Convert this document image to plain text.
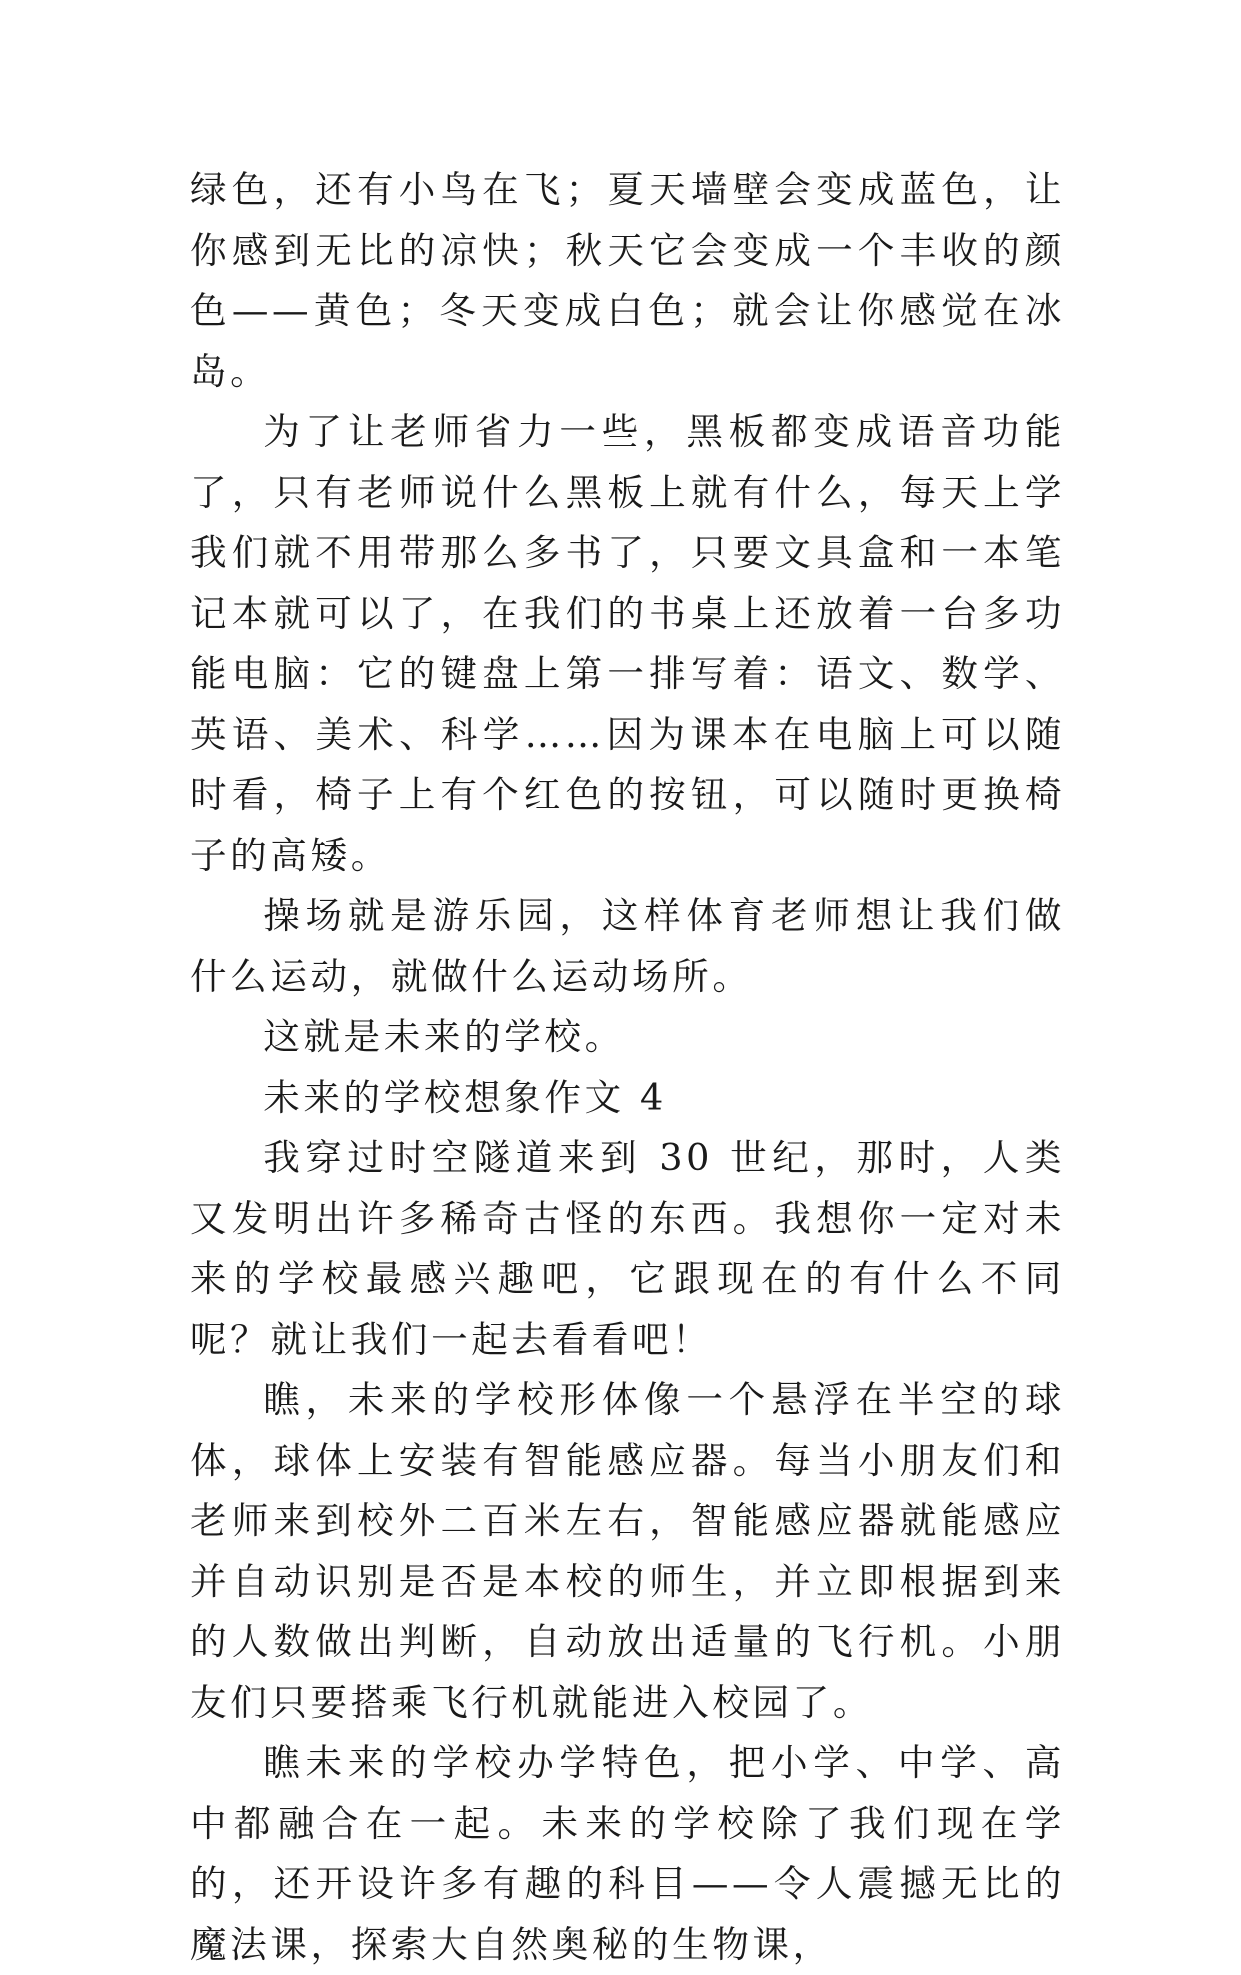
绿色，还有小鸟在飞；夏天墙壁会变成蓝色，让你感到无比的凉快；秋天它会变成一个丰收的颜色——黄色；冬天变成白色；就会让你感觉在冰岛。

为了让老师省力一些，黑板都变成语音功能了，只有老师说什么黑板上就有什么，每天上学我们就不用带那么多书了，只要文具盒和一本笔记本就可以了，在我们的书桌上还放着一台多功能电脑：它的键盘上第一排写着：语文、数学、英语、美术、科学……因为课本在电脑上可以随时看，椅子上有个红色的按钮，可以随时更换椅子的高矮。

操场就是游乐园，这样体育老师想让我们做什么运动，就做什么运动场所。

这就是未来的学校。

未来的学校想象作文 4

我穿过时空隧道来到 30 世纪，那时，人类又发明出许多稀奇古怪的东西。我想你一定对未来的学校最感兴趣吧，它跟现在的有什么不同呢？就让我们一起去看看吧！

瞧，未来的学校形体像一个悬浮在半空的球体，球体上安装有智能感应器。每当小朋友们和老师来到校外二百米左右，智能感应器就能感应并自动识别是否是本校的师生，并立即根据到来的人数做出判断，自动放出适量的飞行机。小朋友们只要搭乘飞行机就能进入校园了。

瞧未来的学校办学特色，把小学、中学、高中都融合在一起。未来的学校除了我们现在学的，还开设许多有趣的科目——令人震撼无比的魔法课，探索大自然奥秘的生物课，
